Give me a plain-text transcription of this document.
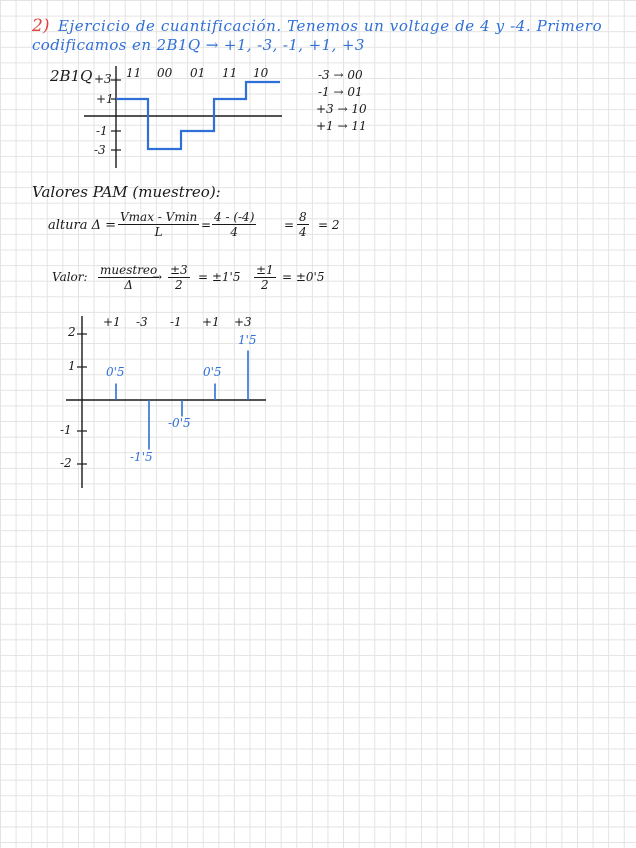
2) Ejercicio de cuantificación. Tenemos un voltage de 4 y -4. Primero
codificamos en 2B1Q → +1, -3, -1, +1, +3
2B1Q +3
+1
-1
-3
11 00 01 11 10	-3 → 00
-1 → 01
+3 → 10
+1 → 11
Valores PAM (muestreo):
altura Δ =
Vmax - Vmin
L	= $\frac{4 - (-4)}{4} = \frac{8}{4} = 2$
Valor: muestreo
Δ
→ $\frac{\pm 3}{2} = \pm 1'5 \frac{\pm 1}{2} = \pm 0'5$
2
1
-1
-2
+1 -3 -1 +1 +3
0'5
-1'5
-0'5
0'5
1'5
